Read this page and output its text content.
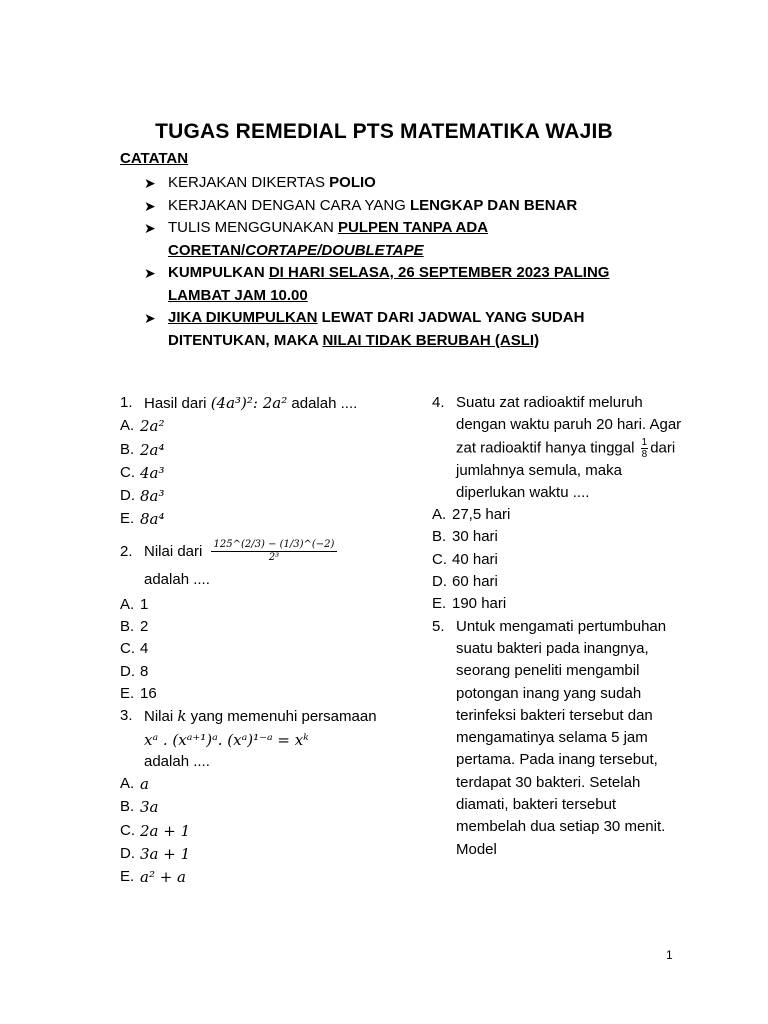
TUGAS REMEDIAL PTS MATEMATIKA WAJIB
CATATAN
➤ KERJAKAN DIKERTAS POLIO
➤ KERJAKAN DENGAN CARA YANG LENGKAP DAN BENAR
➤ TULIS MENGGUNAKAN PULPEN TANPA ADA CORETAN/CORTAPE/DOUBLETAPE
➤ KUMPULKAN DI HARI SELASA, 26 SEPTEMBER 2023 PALING LAMBAT JAM 10.00
➤ JIKA DIKUMPULKAN LEWAT DARI JADWAL YANG SUDAH DITENTUKAN, MAKA NILAI TIDAK BERUBAH (ASLI)
1. Hasil dari (4a³)²: 2a² adalah ....
A. 2a²
B. 2a⁴
C. 4a³
D. 8a³
E. 8a⁴
2. Nilai dari $\frac{125\^{}(2/3) - (1/3)\^{}(-2)}{\text{2³}}$
adalah ....
A. 1
B. 2
C. 4
D. 8
E. 16
3. Nilai k yang memenuhi persamaan
xᵃ . (xᵃ⁺¹)ᵃ. (xᵃ)¹⁻ᵃ = xᵏ
adalah ....
A. a
B. 3a
C. 2a + 1
D. 3a + 1
E. a² + a
4. Suatu zat radioaktif meluruh dengan waktu paruh 20 hari. Agar zat radioaktif hanya tinggal $\frac{1}{8}$ dari jumlahnya semula, maka diperlukan waktu ....
A. 27,5 hari
B. 30 hari
C. 40 hari
D. 60 hari
E. 190 hari
5. Untuk mengamati pertumbuhan suatu bakteri pada inangnya, seorang peneliti mengambil potongan inang yang sudah terinfeksi bakteri tersebut dan mengamatinya selama 5 jam pertama. Pada inang tersebut, terdapat 30 bakteri. Setelah diamati, bakteri tersebut membelah dua setiap 30 menit. Model
1
